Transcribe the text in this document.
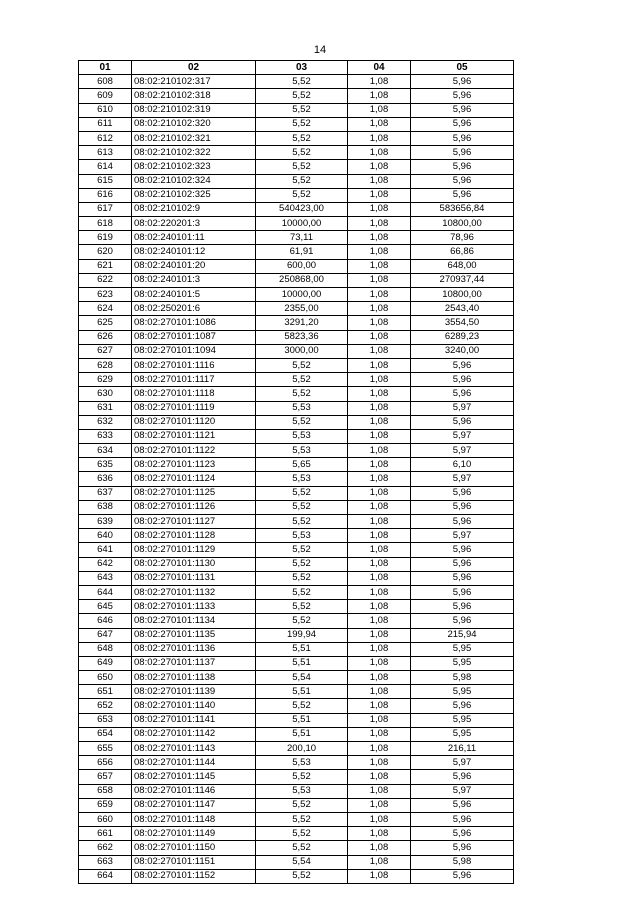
14
01	02	03	04	05
608	08:02:210102:317	5,52	1,08	5,96
609	08:02:210102:318	5,52	1,08	5,96
610	08:02:210102:319	5,52	1,08	5,96
611	08:02:210102:320	5,52	1,08	5,96
612	08:02:210102:321	5,52	1,08	5,96
613	08:02:210102:322	5,52	1,08	5,96
614	08:02:210102:323	5,52	1,08	5,96
615	08:02:210102:324	5,52	1,08	5,96
616	08:02:210102:325	5,52	1,08	5,96
617	08:02:210102:9	540423,00	1,08	583656,84
618	08:02:220201:3	10000,00	1,08	10800,00
619	08:02:240101:11	73,11	1,08	78,96
620	08:02:240101:12	61,91	1,08	66,86
621	08:02:240101:20	600,00	1,08	648,00
622	08:02:240101:3	250868,00	1,08	270937,44
623	08:02:240101:5	10000,00	1,08	10800,00
624	08:02:250201:6	2355,00	1,08	2543,40
625	08:02:270101:1086	3291,20	1,08	3554,50
626	08:02:270101:1087	5823,36	1,08	6289,23
627	08:02:270101:1094	3000,00	1,08	3240,00
628	08:02:270101:1116	5,52	1,08	5,96
629	08:02:270101:1117	5,52	1,08	5,96
630	08:02:270101:1118	5,52	1,08	5,96
631	08:02:270101:1119	5,53	1,08	5,97
632	08:02:270101:1120	5,52	1,08	5,96
633	08:02:270101:1121	5,53	1,08	5,97
634	08:02:270101:1122	5,53	1,08	5,97
635	08:02:270101:1123	5,65	1,08	6,10
636	08:02:270101:1124	5,53	1,08	5,97
637	08:02:270101:1125	5,52	1,08	5,96
638	08:02:270101:1126	5,52	1,08	5,96
639	08:02:270101:1127	5,52	1,08	5,96
640	08:02:270101:1128	5,53	1,08	5,97
641	08:02:270101:1129	5,52	1,08	5,96
642	08:02:270101:1130	5,52	1,08	5,96
643	08:02:270101:1131	5,52	1,08	5,96
644	08:02:270101:1132	5,52	1,08	5,96
645	08:02:270101:1133	5,52	1,08	5,96
646	08:02:270101:1134	5,52	1,08	5,96
647	08:02:270101:1135	199,94	1,08	215,94
648	08:02:270101:1136	5,51	1,08	5,95
649	08:02:270101:1137	5,51	1,08	5,95
650	08:02:270101:1138	5,54	1,08	5,98
651	08:02:270101:1139	5,51	1,08	5,95
652	08:02:270101:1140	5,52	1,08	5,96
653	08:02:270101:1141	5,51	1,08	5,95
654	08:02:270101:1142	5,51	1,08	5,95
655	08:02:270101:1143	200,10	1,08	216,11
656	08:02:270101:1144	5,53	1,08	5,97
657	08:02:270101:1145	5,52	1,08	5,96
658	08:02:270101:1146	5,53	1,08	5,97
659	08:02:270101:1147	5,52	1,08	5,96
660	08:02:270101:1148	5,52	1,08	5,96
661	08:02:270101:1149	5,52	1,08	5,96
662	08:02:270101:1150	5,52	1,08	5,96
663	08:02:270101:1151	5,54	1,08	5,98
664	08:02:270101:1152	5,52	1,08	5,96
